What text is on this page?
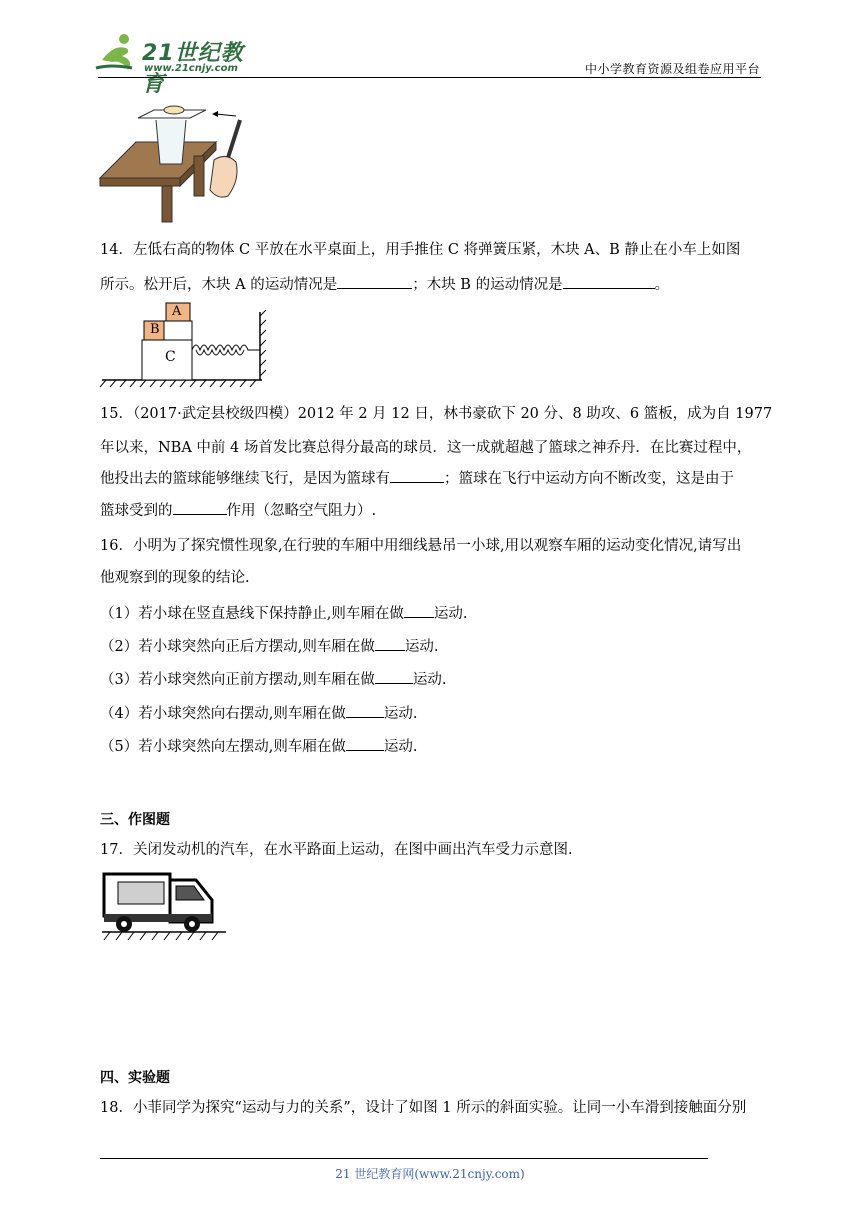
21世纪教育
www.21cnjy.com	中小学教育资源及组卷应用平台
14．左低右高的物体 C 平放在水平桌面上，用手推住 C 将弹簧压紧，木块 A、B 静止在小车上如图
所示。松开后，木块 A 的运动情况是	；木块 B 的运动情况是	。
A
B
C
15．（2017·武定县校级四模）2012 年 2 月 12 日，林书豪砍下 20 分、8 助攻、6 篮板，成为自 1977
年以来，NBA 中前 4 场首发比赛总得分最高的球员．这一成就超越了篮球之神乔丹．在比赛过程中，
他投出去的篮球能够继续飞行，是因为篮球有	；篮球在飞行中运动方向不断改变，这是由于
篮球受到的	作用（忽略空气阻力）.
16．小明为了探究惯性现象,在行驶的车厢中用细线悬吊一小球,用以观察车厢的运动变化情况,请写出
他观察到的现象的结论.
（1）若小球在竖直悬线下保持静止,则车厢在做 运动.
（2）若小球突然向正后方摆动,则车厢在做 运动.
（3）若小球突然向正前方摆动,则车厢在做	运动.
（4）若小球突然向右摆动,则车厢在做	运动.
（5）若小球突然向左摆动,则车厢在做	运动.
三、作图题
17．关闭发动机的汽车，在水平路面上运动，在图中画出汽车受力示意图.
四、实验题
18．小菲同学为探究“运动与力的关系”，设计了如图 1 所示的斜面实验。让同一小车滑到接触面分别
21 世纪教育网(www.21cnjy.com)
